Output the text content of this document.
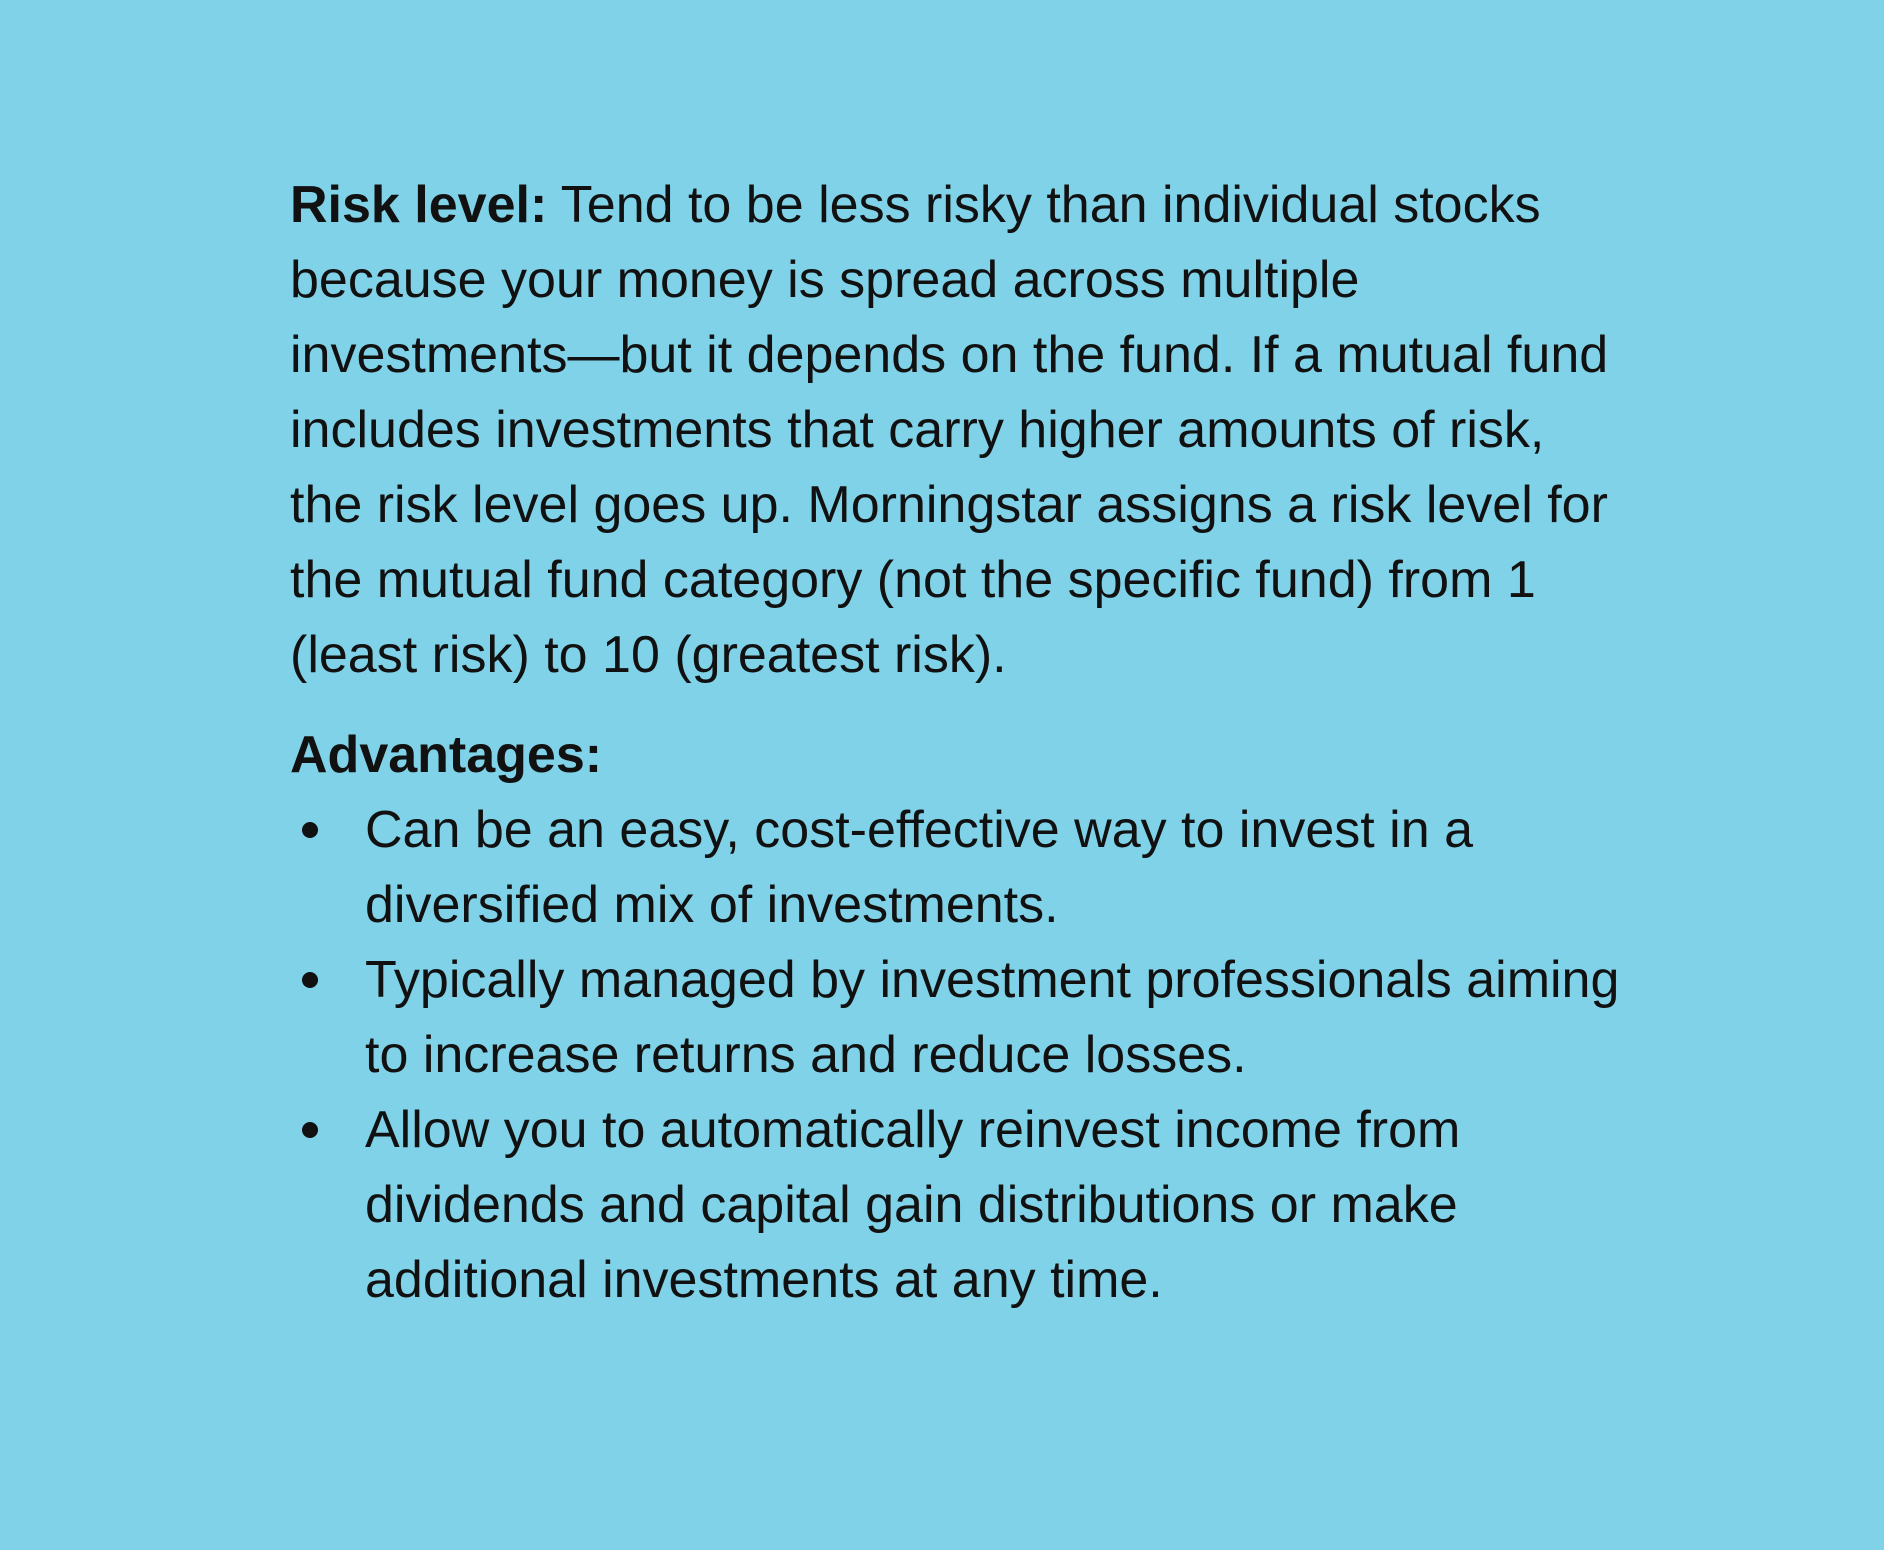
Risk level: Tend to be less risky than individual stocks because your money is spread across multiple investments—but it depends on the fund. If a mutual fund includes investments that carry higher amounts of risk, the risk level goes up. Morningstar assigns a risk level for the mutual fund category (not the specific fund) from 1 (least risk) to 10 (greatest risk).

Advantages:
Can be an easy, cost-effective way to invest in a diversified mix of investments.
Typically managed by investment professionals aiming to increase returns and reduce losses.
Allow you to automatically reinvest income from dividends and capital gain distributions or make additional investments at any time.
